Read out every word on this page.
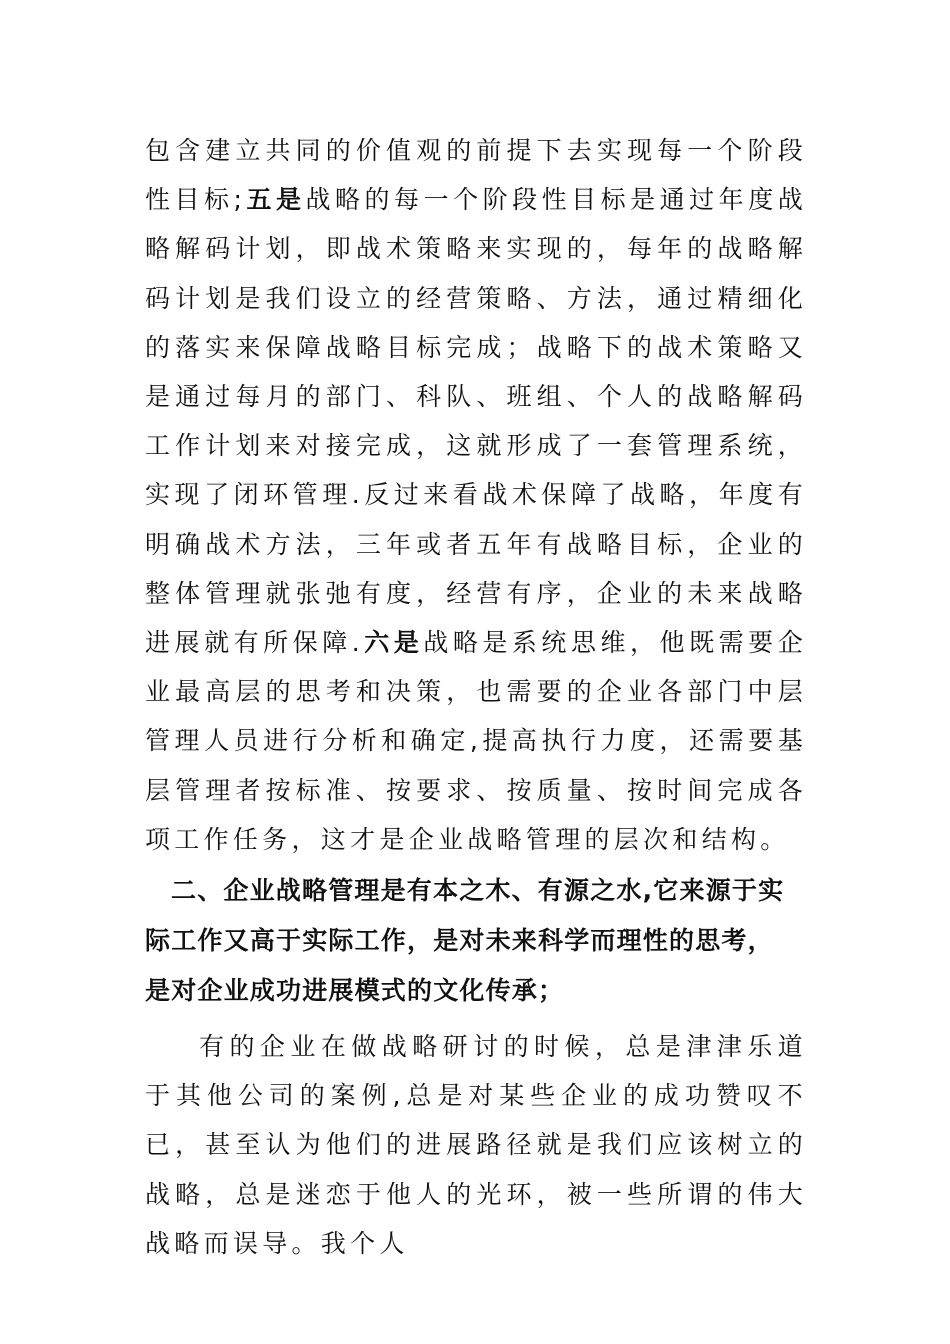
包含建立共同的价值观的前提下去实现每一个阶段性目标;五是战略的每一个阶段性目标是通过年度战略解码计划，即战术策略来实现的，每年的战略解码计划是我们设立的经营策略、方法，通过精细化的落实来保障战略目标完成；战略下的战术策略又是通过每月的部门、科队、班组、个人的战略解码工作计划来对接完成，这就形成了一套管理系统，实现了闭环管理.反过来看战术保障了战略，年度有明确战术方法，三年或者五年有战略目标，企业的整体管理就张弛有度，经营有序，企业的未来战略进展就有所保障.六是战略是系统思维，他既需要企业最高层的思考和决策，也需要的企业各部门中层管理人员进行分析和确定,提高执行力度，还需要基层管理者按标准、按要求、按质量、按时间完成各项工作任务，这才是企业战略管理的层次和结构。

二、企业战略管理是有本之木、有源之水,它来源于实
际工作又高于实际工作，是对未来科学而理性的思考，
是对企业成功进展模式的文化传承；

有的企业在做战略研讨的时候，总是津津乐道于其他公司的案例,总是对某些企业的成功赞叹不已，甚至认为他们的进展路径就是我们应该树立的战略，总是迷恋于他人的光环，被一些所谓的伟大战略而误导。我个人
